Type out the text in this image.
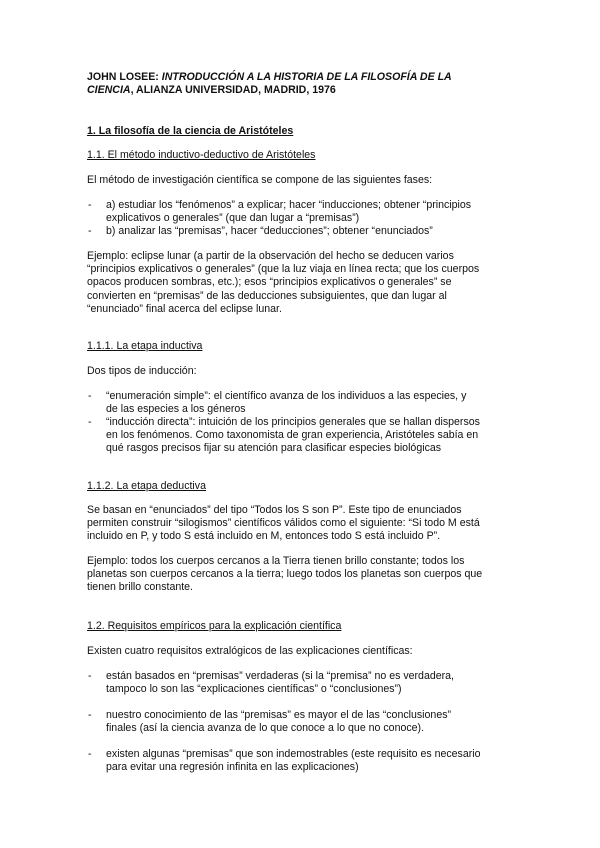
JOHN LOSEE: INTRODUCCIÓN A LA HISTORIA DE LA FILOSOFÍA DE LA
CIENCIA, ALIANZA UNIVERSIDAD, MADRID, 1976
1. La filosofía de la ciencia de Aristóteles
1.1. El método inductivo-deductivo de Aristóteles
El método de investigación científica se compone de las siguientes fases:
- a) estudiar los “fenómenos” a explicar; hacer “inducciones; obtener “principios
explicativos o generales” (que dan lugar a “premisas”)
- b) analizar las “premisas”, hacer “deducciones”; obtener “enunciados”
Ejemplo: eclipse lunar (a partir de la observación del hecho se deducen varios
“principios explicativos o generales” (que la luz viaja en línea recta; que los cuerpos
opacos producen sombras, etc.); esos “principios explicativos o generales” se
convierten en “premisas” de las deducciones subsiguientes, que dan lugar al
“enunciado” final acerca del eclipse lunar.
1.1.1. La etapa inductiva
Dos tipos de inducción:
- “enumeración simple”: el científico avanza de los individuos a las especies, y
de las especies a los géneros
- “inducción directa”: intuición de los principios generales que se hallan dispersos
en los fenómenos. Como taxonomista de gran experiencia, Aristóteles sabía en
qué rasgos precisos fijar su atención para clasificar especies biológicas
1.1.2. La etapa deductiva
Se basan en “enunciados” del tipo “Todos los S son P”. Este tipo de enunciados
permiten construir “silogismos” científicos válidos como el siguiente: “Si todo M está
incluido en P, y todo S está incluido en M, entonces todo S está incluido P”.
Ejemplo: todos los cuerpos cercanos a la Tierra tienen brillo constante; todos los
planetas son cuerpos cercanos a la tierra; luego todos los planetas son cuerpos que
tienen brillo constante.
1.2. Requisitos empíricos para la explicación científica
Existen cuatro requisitos extralógicos de las explicaciones científicas:
- están basados en “premisas” verdaderas (si la “premisa” no es verdadera,
tampoco lo son las “explicaciones científicas” o “conclusiones”)
- nuestro conocimiento de las “premisas” es mayor el de las “conclusiones”
finales (así la ciencia avanza de lo que conoce a lo que no conoce).
- existen algunas “premisas” que son indemostrables (este requisito es necesario
para evitar una regresión infinita en las explicaciones)
